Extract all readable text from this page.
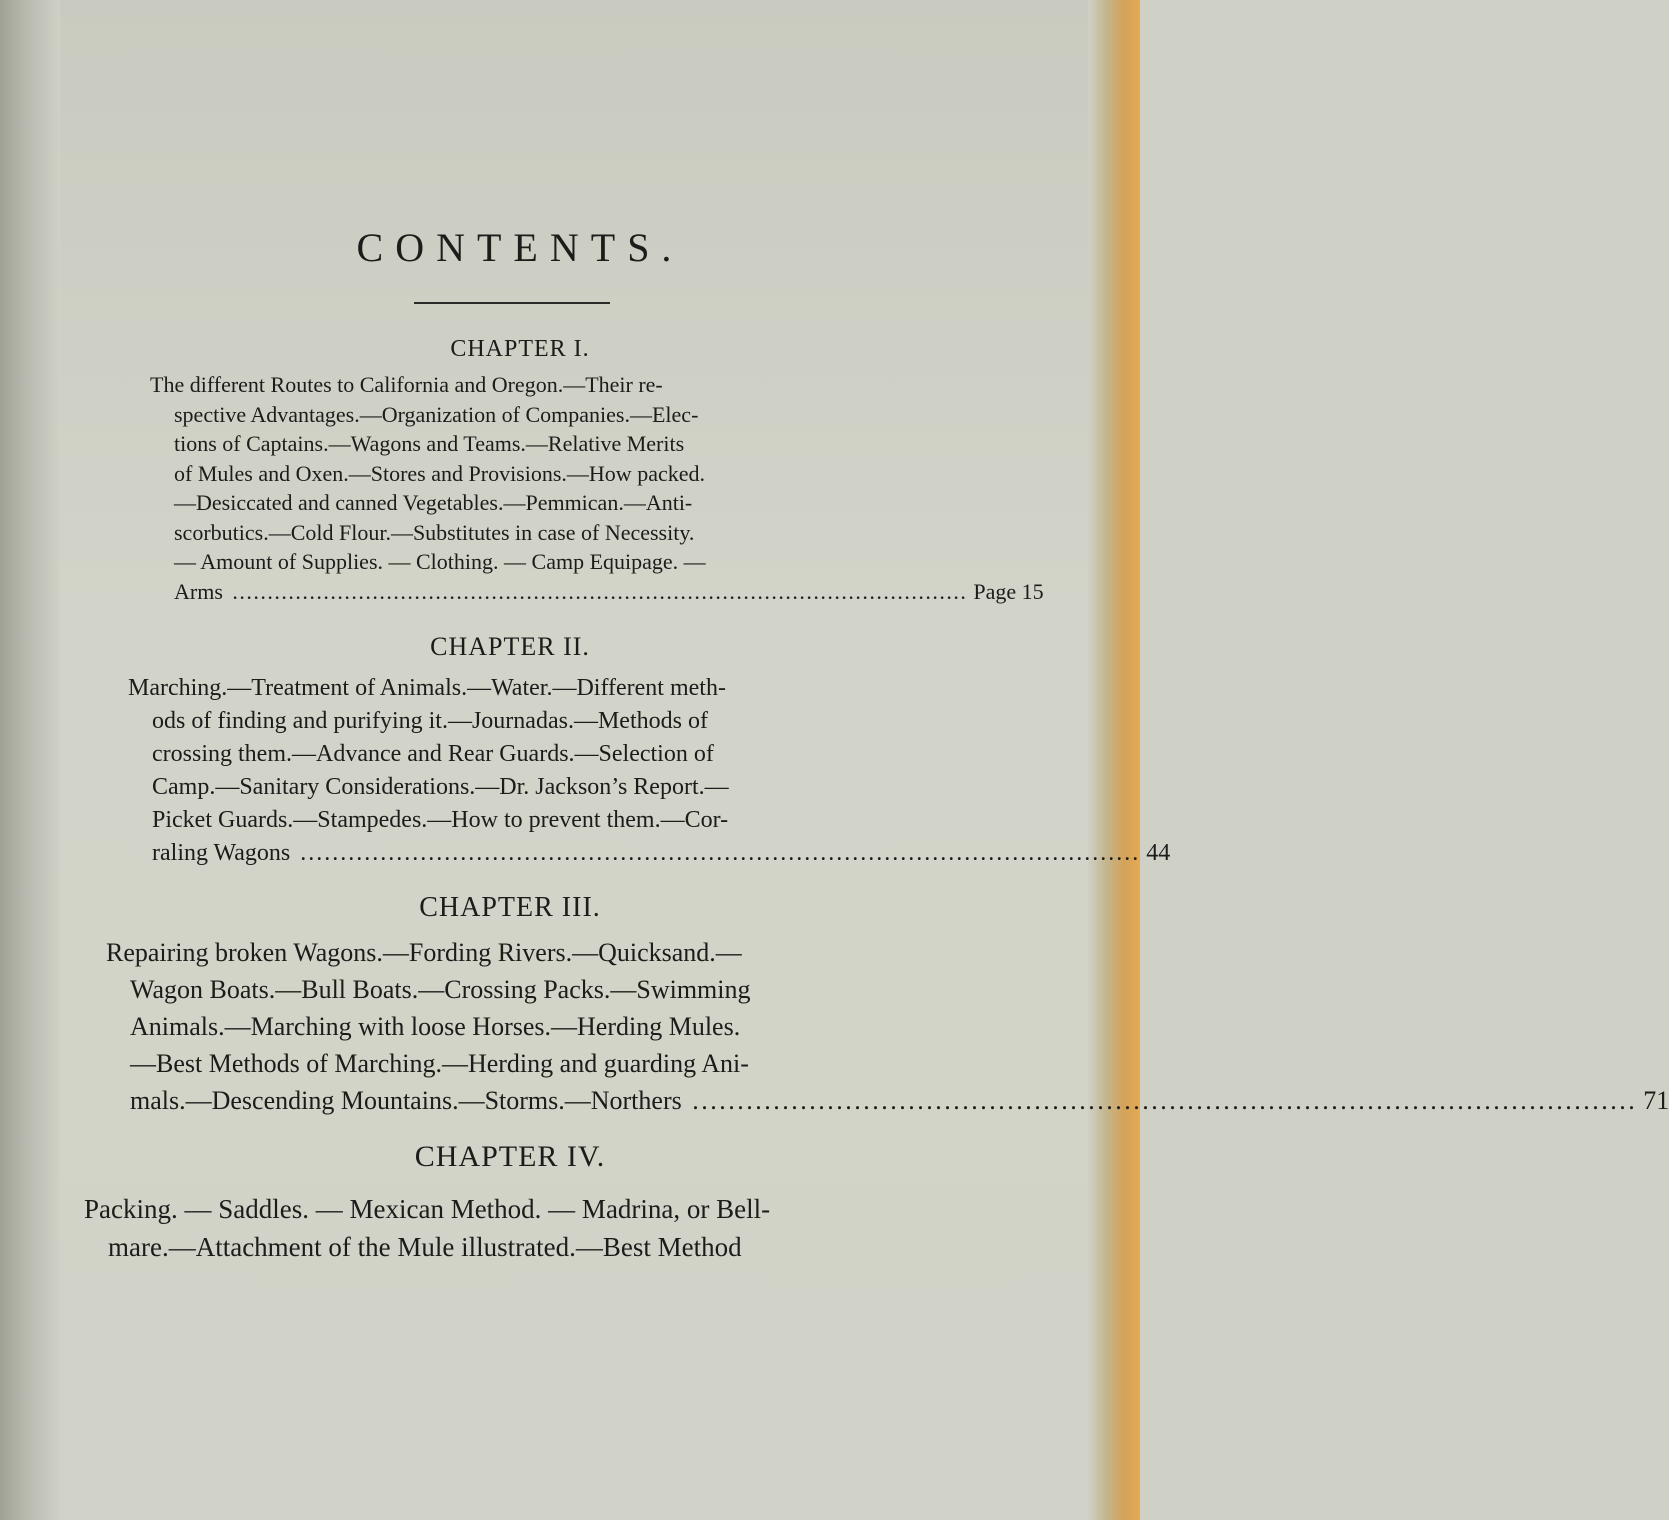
CONTENTS.
CHAPTER I.
The different Routes to California and Oregon.—Their re-
spective Advantages.—Organization of Companies.—Elec-
tions of Captains.—Wagons and Teams.—Relative Merits
of Mules and Oxen.—Stores and Provisions.—How packed.
—Desiccated and canned Vegetables.—Pemmican.—Anti-
scorbutics.—Cold Flour.—Substitutes in case of Necessity.
— Amount of Supplies. — Clothing. — Camp Equipage. —
Arms . . .	Page 15
CHAPTER II.
Marching.—Treatment of Animals.—Water.—Different meth-
ods of finding and purifying it.—Journadas.—Methods of
crossing them.—Advance and Rear Guards.—Selection of
Camp.—Sanitary Considerations.—Dr. Jackson’s Report.—
Picket Guards.—Stampedes.—How to prevent them.—Cor-
raling Wagons . . .	44
CHAPTER III.
Repairing broken Wagons.—Fording Rivers.—Quicksand.—
Wagon Boats.—Bull Boats.—Crossing Packs.—Swimming
Animals.—Marching with loose Horses.—Herding Mules.
—Best Methods of Marching.—Herding and guarding Ani-
mals.—Descending Mountains.—Storms.—Northers . . .	71
CHAPTER IV.
Packing. — Saddles. — Mexican Method. — Madrina, or Bell-
mare.—Attachment of the Mule illustrated.—Best Method
